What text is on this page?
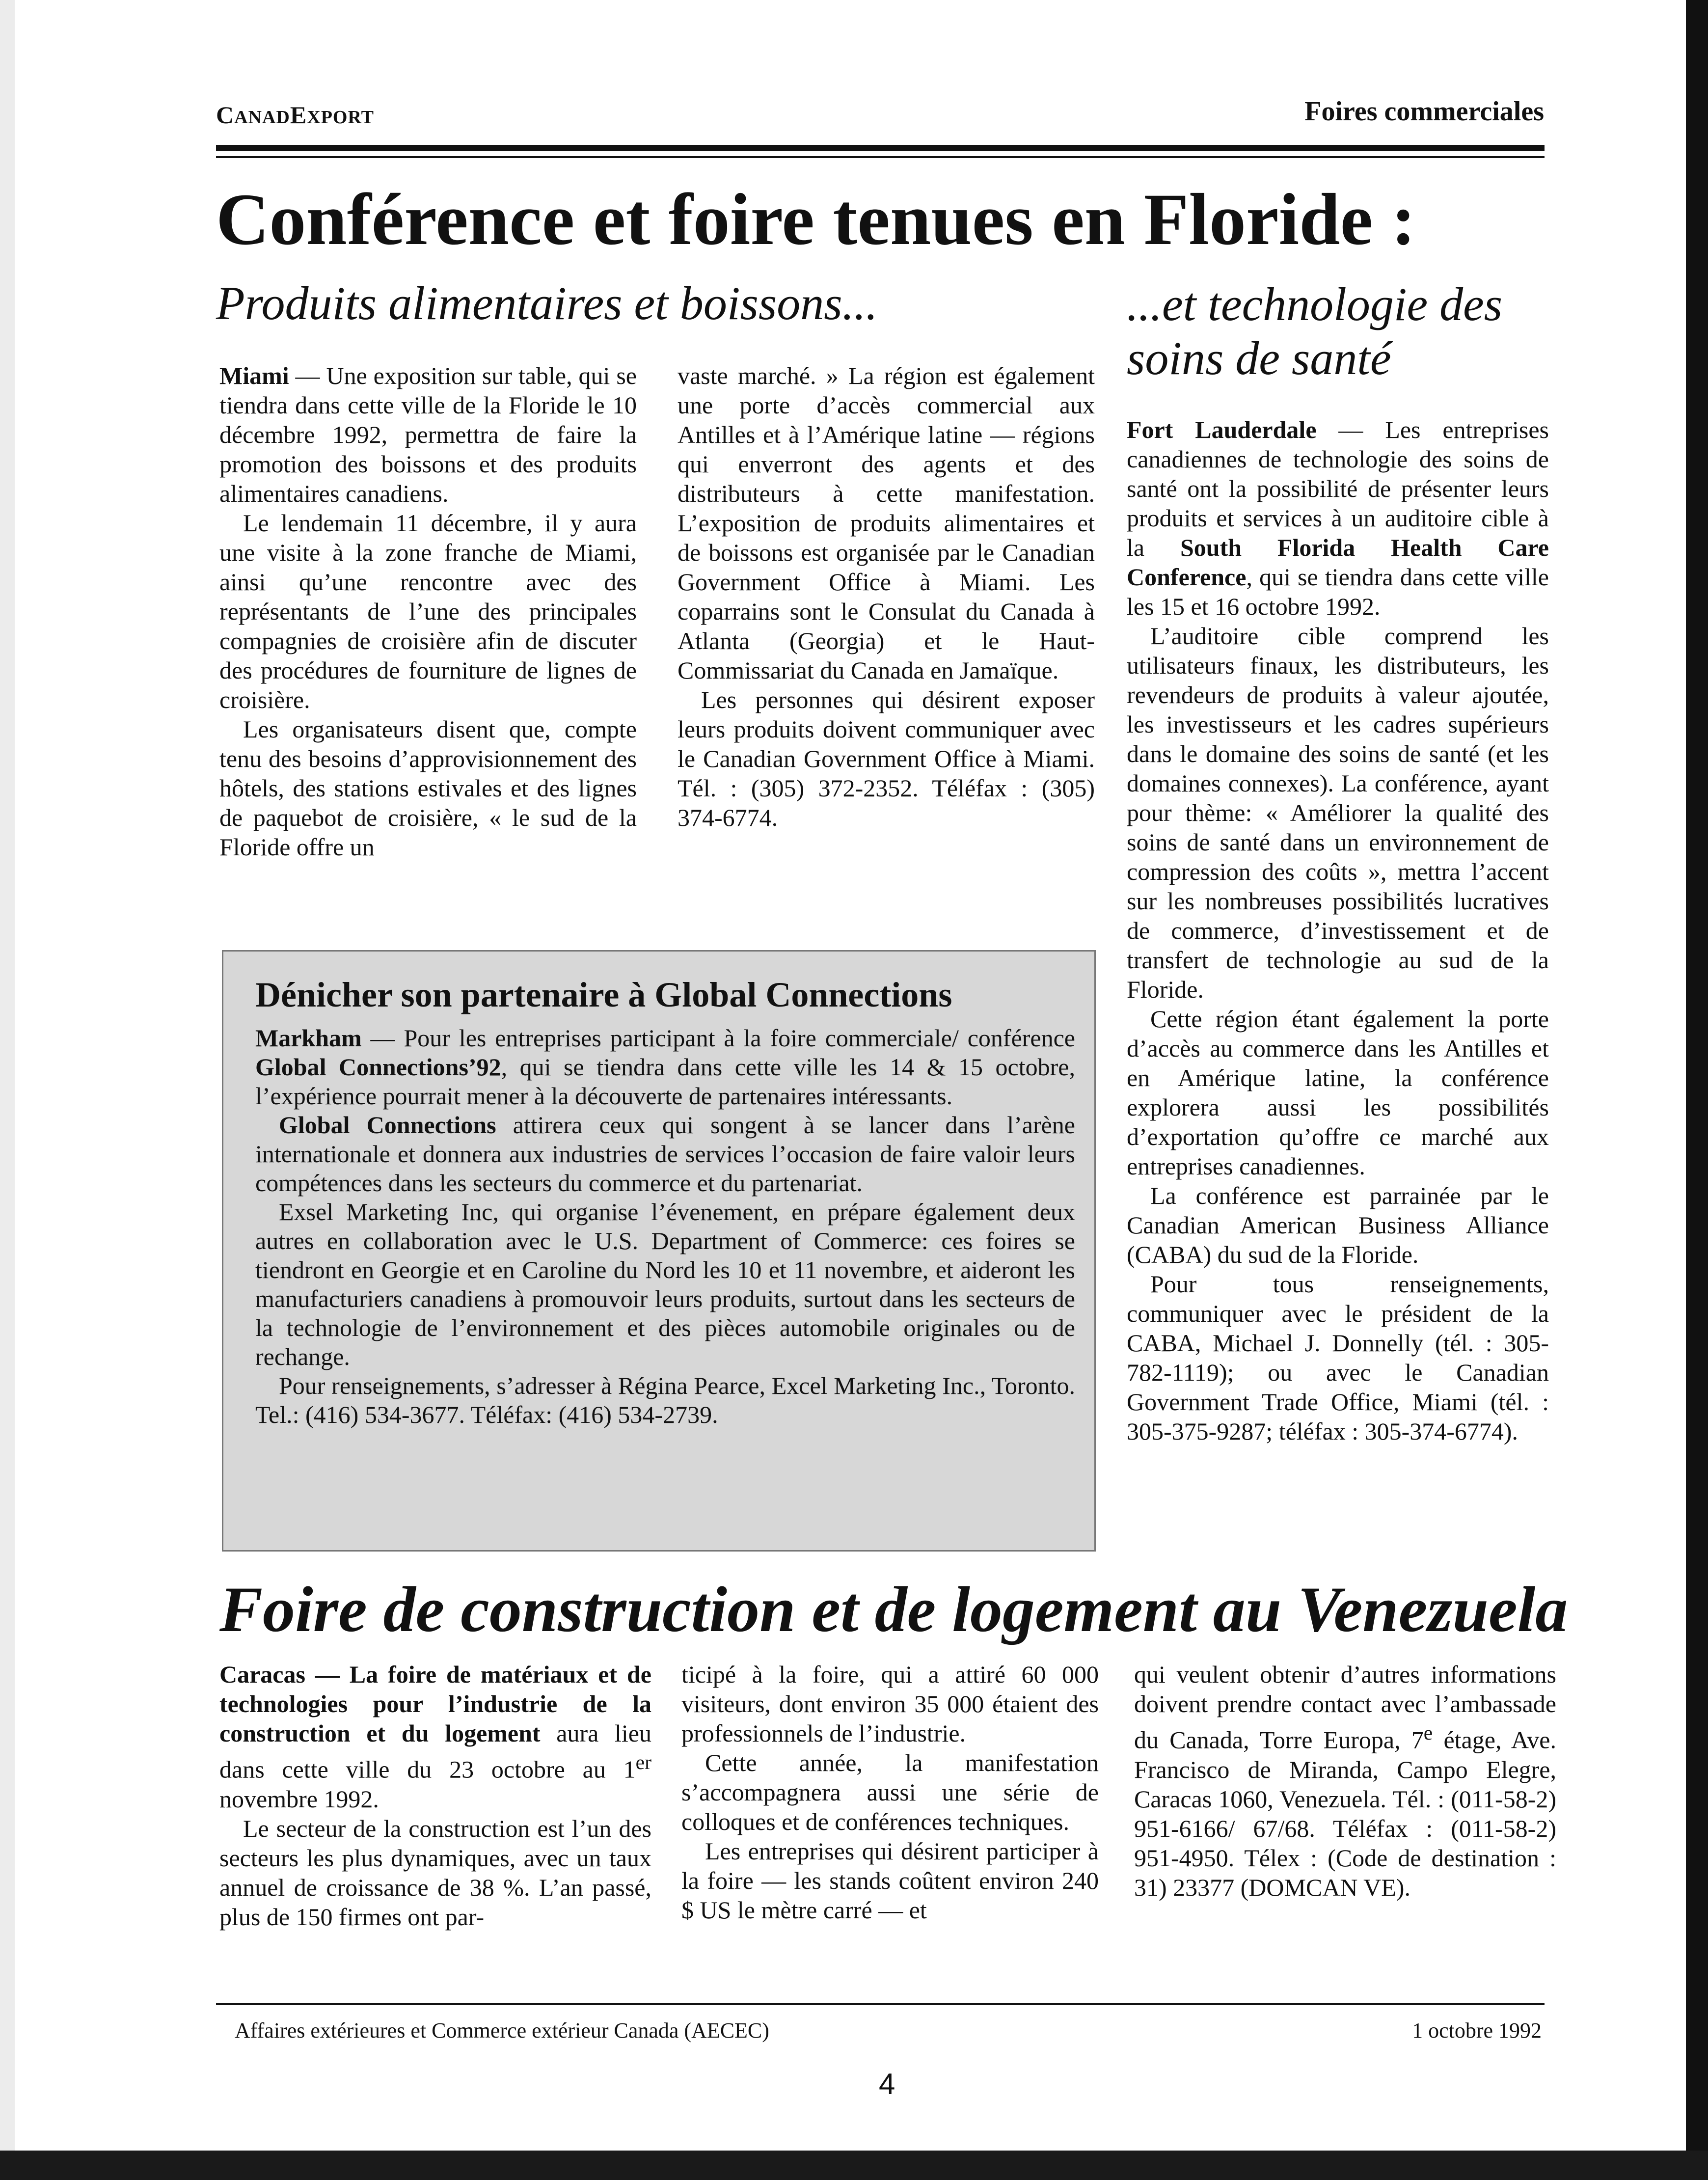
CANADEXPORT	Foires commerciales
Conférence et foire tenues en Floride :
Produits alimentaires et boissons...	...et technologie des soins de santé

Miami — Une exposition sur table, qui se tiendra dans cette ville de la Floride le 10 décembre 1992, permettra de faire la promotion des boissons et des produits alimentaires canadiens.

Le lendemain 11 décembre, il y aura une visite à la zone franche de Miami, ainsi qu’une rencontre avec des représentants de l’une des principales compagnies de croisière afin de discuter des procédures de fourniture de lignes de croisière.

Les organisateurs disent que, compte tenu des besoins d’approvisionnement des hôtels, des stations estivales et des lignes de paquebot de croisière, « le sud de la Floride offre un

vaste marché. » La région est également une porte d’accès commercial aux Antilles et à l’Amérique latine — régions qui enverront des agents et des distributeurs à cette manifestation. L’exposition de produits alimentaires et de boissons est organisée par le Canadian Government Office à Miami. Les coparrains sont le Consulat du Canada à Atlanta (Georgia) et le Haut-Commissariat du Canada en Jamaïque.

Les personnes qui désirent exposer leurs produits doivent communiquer avec le Canadian Government Office à Miami. Tél. : (305) 372-2352. Téléfax : (305) 374-6774.

Fort Lauderdale — Les entreprises canadiennes de technologie des soins de santé ont la possibilité de présenter leurs produits et services à un auditoire cible à la South Florida Health Care Conference, qui se tiendra dans cette ville les 15 et 16 octobre 1992.

L’auditoire cible comprend les utilisateurs finaux, les distributeurs, les revendeurs de produits à valeur ajoutée, les investisseurs et les cadres supérieurs dans le domaine des soins de santé (et les domaines connexes). La conférence, ayant pour thème: « Améliorer la qualité des soins de santé dans un environnement de compression des coûts », mettra l’accent sur les nombreuses possibilités lucratives de commerce, d’investissement et de transfert de technologie au sud de la Floride.

Cette région étant également la porte d’accès au commerce dans les Antilles et en Amérique latine, la conférence explorera aussi les possibilités d’exportation qu’offre ce marché aux entreprises canadiennes.

La conférence est parrainée par le Canadian American Business Alliance (CABA) du sud de la Floride.

Pour tous renseignements, communiquer avec le président de la CABA, Michael J. Donnelly (tél. : 305-782-1119); ou avec le Canadian Government Trade Office, Miami (tél. : 305-375-9287; téléfax : 305-374-6774).

Dénicher son partenaire à Global Connections

Markham — Pour les entreprises participant à la foire commerciale/ conférence Global Connections’92, qui se tiendra dans cette ville les 14 & 15 octobre, l’expérience pourrait mener à la découverte de partenaires intéressants.

Global Connections attirera ceux qui songent à se lancer dans l’arène internationale et donnera aux industries de services l’occasion de faire valoir leurs compétences dans les secteurs du commerce et du partenariat.

Exsel Marketing Inc, qui organise l’évenement, en prépare également deux autres en collaboration avec le U.S. Department of Commerce: ces foires se tiendront en Georgie et en Caroline du Nord les 10 et 11 novembre, et aideront les manufacturiers canadiens à promouvoir leurs produits, surtout dans les secteurs de la technologie de l’environnement et des pièces automobile originales ou de rechange.

Pour renseignements, s’adresser à Régina Pearce, Excel Marketing Inc., Toronto. Tel.: (416) 534-3677. Téléfax: (416) 534-2739.

Foire de construction et de logement au Venezuela

Caracas — La foire de matériaux et de technologies pour l’industrie de la construction et du logement aura lieu dans cette ville du 23 octobre au 1er novembre 1992.

Le secteur de la construction est l’un des secteurs les plus dynamiques, avec un taux annuel de croissance de 38 %. L’an passé, plus de 150 firmes ont par-

ticipé à la foire, qui a attiré 60 000 visiteurs, dont environ 35 000 étaient des professionnels de l’industrie.

Cette année, la manifestation s’accompagnera aussi une série de colloques et de conférences techniques.

Les entreprises qui désirent participer à la foire — les stands coûtent environ 240 $ US le mètre carré — et

qui veulent obtenir d’autres informations doivent prendre contact avec l’ambassade du Canada, Torre Europa, 7e étage, Ave. Francisco de Miranda, Campo Elegre, Caracas 1060, Venezuela. Tél. : (011-58-2) 951-6166/ 67/68. Téléfax : (011-58-2) 951-4950. Télex : (Code de destination : 31) 23377 (DOMCAN VE).

Affaires extérieures et Commerce extérieur Canada (AECEC)	1 octobre 1992
4
